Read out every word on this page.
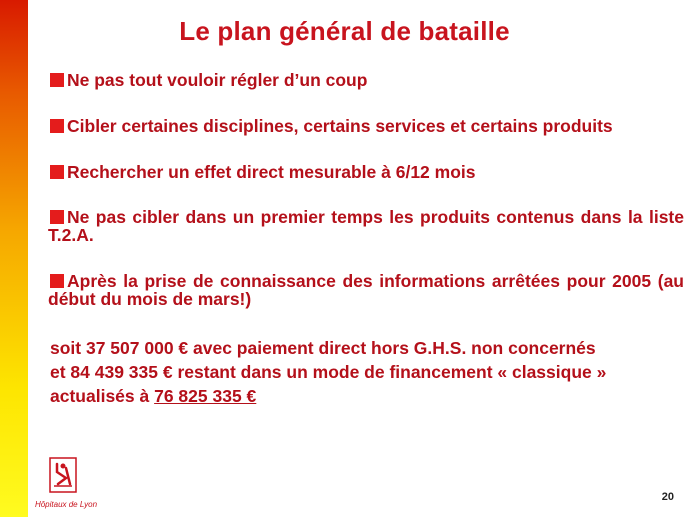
Le plan général de bataille
Ne pas tout vouloir régler d’un coup
Cibler certaines disciplines, certains services et certains produits
Rechercher un effet direct mesurable à 6/12 mois
Ne pas cibler dans un premier temps les produits contenus dans la liste T.2.A.
Après la prise de connaissance des informations arrêtées pour 2005 (au début du mois de mars!)
soit 37 507 000 € avec paiement direct hors G.H.S. non concernés
et 84 439 335 € restant dans un mode de financement « classique »
actualisés à 76 825 335 €
Hôpitaux de Lyon
20
